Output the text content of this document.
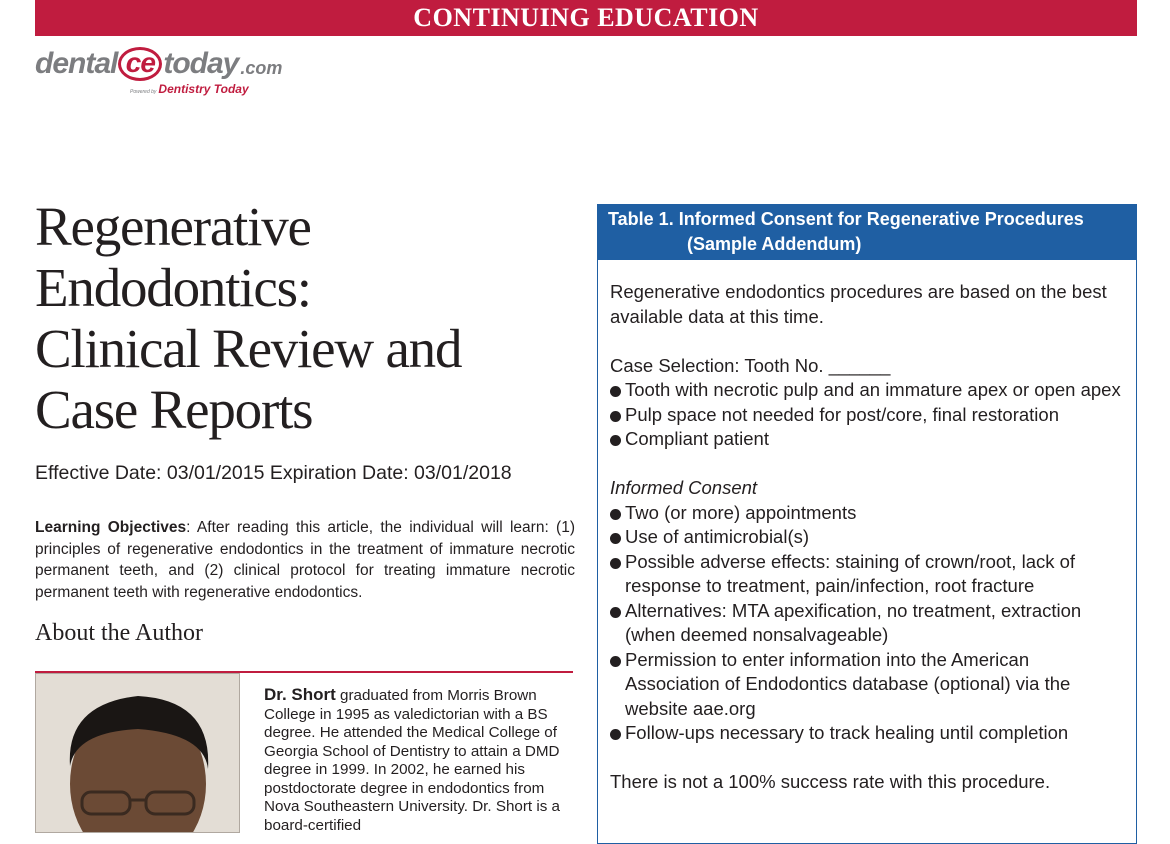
CONTINUING EDUCATION
dental ce today .com
Powered by Dentistry Today
Regenerative
Endodontics:
Clinical Review and
Case Reports
Effective Date: 03/01/2015 Expiration Date: 03/01/2018

Learning Objectives: After reading this article, the individual will learn: (1) principles of regenerative endodontics in the treatment of immature necrotic permanent teeth, and (2) clinical protocol for treating immature necrotic permanent teeth with regenerative endodontics.

About the Author

Dr. Short graduated from Morris Brown College in 1995 as valedictorian with a BS degree. He attended the Medical College of Georgia School of Dentistry to attain a DMD degree in 1999. In 2002, he earned his postdoctorate degree in endodontics from Nova Southeastern University. Dr. Short is a board-certified

Table 1. Informed Consent for Regenerative Procedures
(Sample Addendum)

Regenerative endodontics procedures are based on the best available data at this time.

Case Selection: Tooth No. ______

Tooth with necrotic pulp and an immature apex or open apex
Pulp space not needed for post/core, final restoration
Compliant patient

Informed Consent

Two (or more) appointments
Use of antimicrobial(s)
Possible adverse effects: staining of crown/root, lack of response to treatment, pain/infection, root fracture
Alternatives: MTA apexification, no treatment, extraction (when deemed nonsalvageable)
Permission to enter information into the American Association of Endodontics database (optional) via the website aae.org
Follow-ups necessary to track healing until completion

There is not a 100% success rate with this procedure.
